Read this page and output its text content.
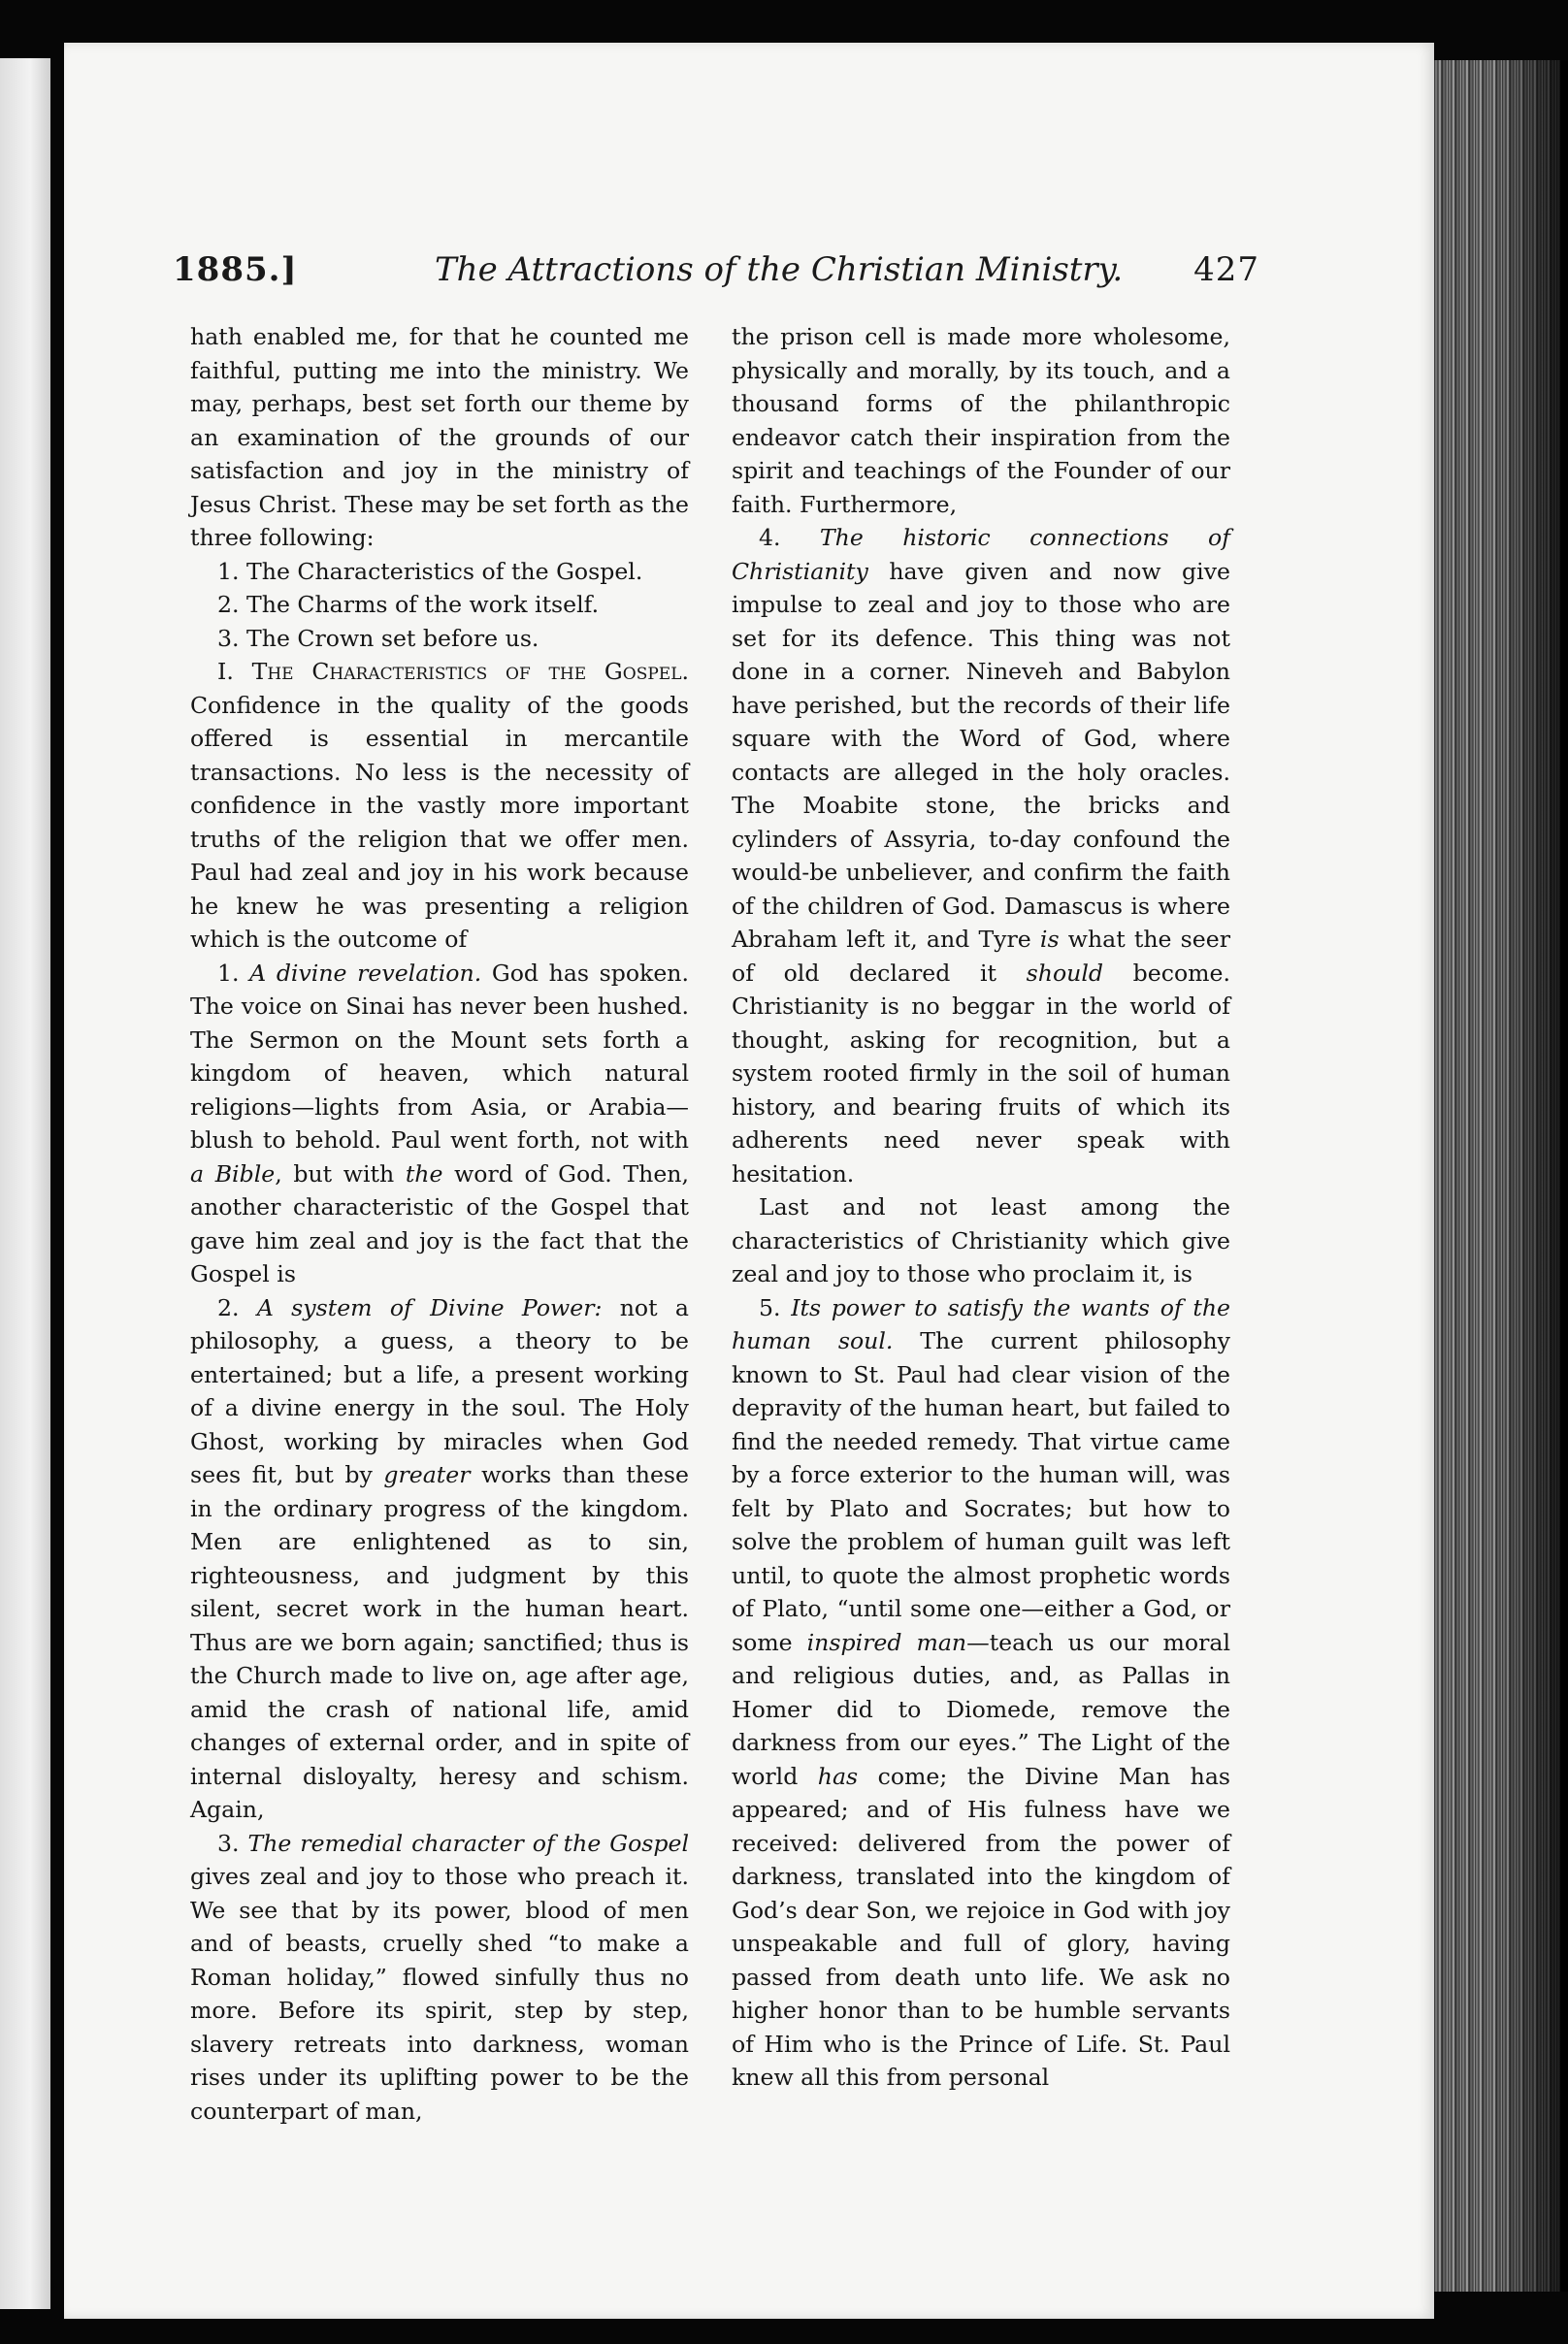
1885.]	The Attractions of the Christian Ministry. 427

hath enabled me, for that he counted me faithful, putting me into the ministry. We may, perhaps, best set forth our theme by an examination of the grounds of our satisfaction and joy in the ministry of Jesus Christ. These may be set forth as the three following:

1. The Characteristics of the Gospel.

2. The Charms of the work itself.

3. The Crown set before us.

I. The Characteristics of the Gospel. Confidence in the quality of the goods offered is essential in mercantile transactions. No less is the necessity of confidence in the vastly more important truths of the religion that we offer men. Paul had zeal and joy in his work because he knew he was presenting a religion which is the outcome of

1. A divine revelation. God has spoken. The voice on Sinai has never been hushed. The Sermon on the Mount sets forth a kingdom of heaven, which natural religions—lights from Asia, or Arabia—blush to behold. Paul went forth, not with a Bible, but with the word of God. Then, another characteristic of the Gospel that gave him zeal and joy is the fact that the Gospel is

2. A system of Divine Power: not a philosophy, a guess, a theory to be entertained; but a life, a present working of a divine energy in the soul. The Holy Ghost, working by miracles when God sees fit, but by greater works than these in the ordinary progress of the kingdom. Men are enlightened as to sin, righteousness, and judgment by this silent, secret work in the human heart. Thus are we born again; sanctified; thus is the Church made to live on, age after age, amid the crash of national life, amid changes of external order, and in spite of internal disloyalty, heresy and schism. Again,

3. The remedial character of the Gospel gives zeal and joy to those who preach it. We see that by its power, blood of men and of beasts, cruelly shed “to make a Roman holiday,” flowed sinfully thus no more. Before its spirit, step by step, slavery retreats into darkness, woman rises under its uplifting power to be the counterpart of man,

the prison cell is made more wholesome, physically and morally, by its touch, and a thousand forms of the philanthropic endeavor catch their inspiration from the spirit and teachings of the Founder of our faith. Furthermore,

4. The historic connections of Christianity have given and now give impulse to zeal and joy to those who are set for its defence. This thing was not done in a corner. Nineveh and Babylon have perished, but the records of their life square with the Word of God, where contacts are alleged in the holy oracles. The Moabite stone, the bricks and cylinders of Assyria, to-day confound the would-be unbeliever, and confirm the faith of the children of God. Damascus is where Abraham left it, and Tyre is what the seer of old declared it should become. Christianity is no beggar in the world of thought, asking for recognition, but a system rooted firmly in the soil of human history, and bearing fruits of which its adherents need never speak with hesitation.

Last and not least among the characteristics of Christianity which give zeal and joy to those who proclaim it, is

5. Its power to satisfy the wants of the human soul. The current philosophy known to St. Paul had clear vision of the depravity of the human heart, but failed to find the needed remedy. That virtue came by a force exterior to the human will, was felt by Plato and Socrates; but how to solve the problem of human guilt was left until, to quote the almost prophetic words of Plato, “until some one—either a God, or some inspired man—teach us our moral and religious duties, and, as Pallas in Homer did to Diomede, remove the darkness from our eyes.” The Light of the world has come; the Divine Man has appeared; and of His fulness have we received: delivered from the power of darkness, translated into the kingdom of God’s dear Son, we rejoice in God with joy unspeakable and full of glory, having passed from death unto life. We ask no higher honor than to be humble servants of Him who is the Prince of Life. St. Paul knew all this from personal
